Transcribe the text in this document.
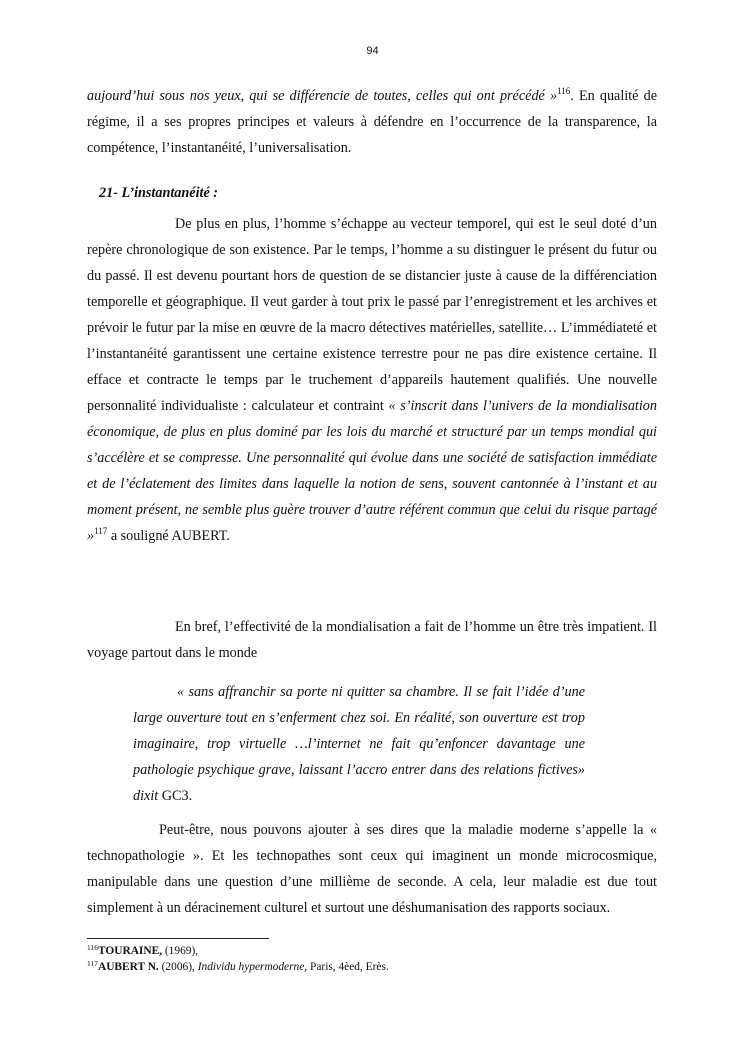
94
aujourd’hui sous nos yeux, qui se différencie de toutes, celles qui ont précédé »$^{116}$. En qualité de régime, il a ses propres principes et valeurs à défendre en l’occurrence de la transparence, la compétence, l’instantanéité, l’universalisation.
21- L’instantanéité :
De plus en plus, l’homme s’échappe au vecteur temporel, qui est le seul doté d’un repère chronologique de son existence. Par le temps, l’homme a su distinguer le présent du futur ou du passé. Il est devenu pourtant hors de question de se distancier juste à cause de la différenciation temporelle et géographique. Il veut garder à tout prix le passé par l’enregistrement et les archives et prévoir le futur par la mise en œuvre de la macro détectives matérielles, satellite… L’immédiateté et l’instantanéité garantissent une certaine existence terrestre pour ne pas dire existence certaine. Il efface et contracte le temps par le truchement d’appareils hautement qualifiés. Une nouvelle personnalité individualiste : calculateur et contraint « s’inscrit dans l’univers de la mondialisation économique, de plus en plus dominé par les lois du marché et structuré par un temps mondial qui s’accélère et se compresse. Une personnalité qui évolue dans une société de satisfaction immédiate et de l’éclatement des limites dans laquelle la notion de sens, souvent cantonnée à l’instant et au moment présent, ne semble plus guère trouver d’autre référent commun que celui du risque partagé »$^{117}$ a souligné AUBERT.
En bref, l’effectivité de la mondialisation a fait de l’homme un être très impatient. Il voyage partout dans le monde
« sans affranchir sa porte ni quitter sa chambre. Il se fait l’idée d’une large ouverture tout en s’enferment chez soi. En réalité, son ouverture est trop imaginaire, trop virtuelle …l’internet ne fait qu’enfoncer davantage une pathologie psychique grave, laissant l’accro entrer dans des relations fictives» dixit GC3.
Peut-être, nous pouvons ajouter à ses dires que la maladie moderne s’appelle la « technopathologie ». Et les technopathes sont ceux qui imaginent un monde microcosmique, manipulable dans une question d’une millième de seconde. A cela, leur maladie est due tout simplement à un déracinement culturel et surtout une déshumanisation des rapports sociaux.
$^{116}$TOURAINE, (1969),
$^{117}$AUBERT N. (2006), Individu hypermoderne, Paris, 4èed, Erès.
